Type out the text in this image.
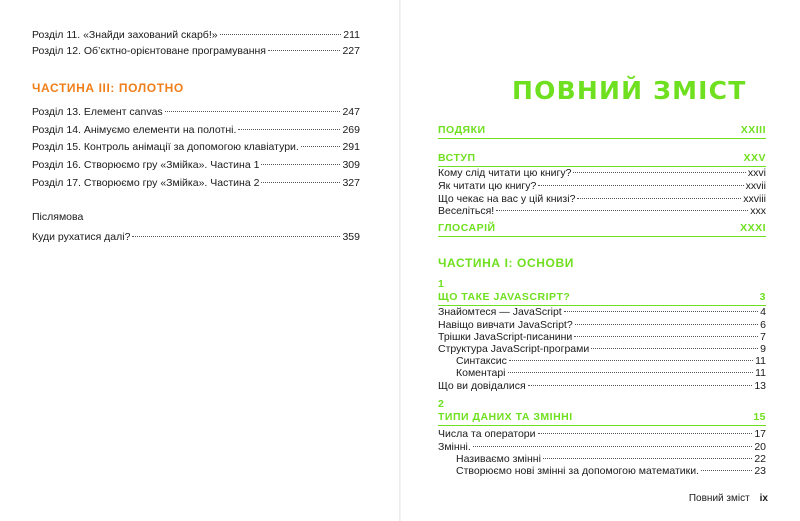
Розділ 11. «Знайди захований скарб!»	211
Розділ 12. Об’єктно-орієнтоване програмування	227
ЧАСТИНА III: ПОЛОТНО
Розділ 13. Елемент canvas	247
Розділ 14. Анімуємо елементи на полотні.	269
Розділ 15. Контроль анімації за допомогою клавіатури.	291
Розділ 16. Створюємо гру «Змійка». Частина 1	309
Розділ 17. Створюємо гру «Змійка». Частина 2	327
Післямова
Куди рухатися далі?	359
ПОВНИЙ ЗМІСТ
ПОДЯКИ	XXIII
ВСТУП	XXV
Кому слід читати цю книгу?	xxvi
Як читати цю книгу?	xxvii
Що чекає на вас у цій книзі?	xxviii
Веселіться!	xxx
ГЛОСАРІЙ	XXXI
ЧАСТИНА I: ОСНОВИ
1
ЩО ТАКЕ JAVASCRIPT?	3
Знайомтеся — JavaScript	4
Навіщо вивчати JavaScript?	6
Трішки JavaScript-писанини	7
Структура JavaScript-програми	9
Синтаксис	11
Коментарі	11
Що ви довідалися	13
2
ТИПИ ДАНИХ ТА ЗМІННІ	15
Числа та оператори	17
Змінні.	20
Називаємо змінні	22
Створюємо нові змінні за допомогою математики.	23
Повний зміст ix
